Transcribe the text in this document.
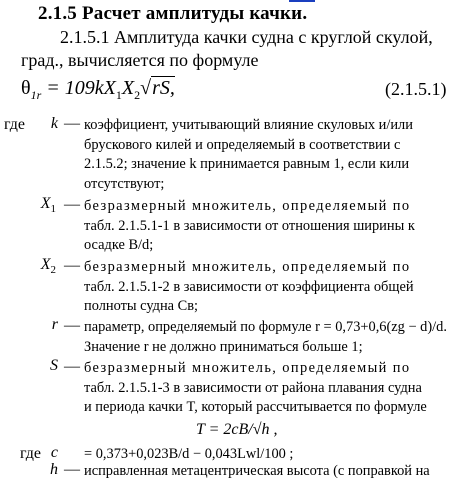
2.1.5 Расчет амплитуды качки.
2.1.5.1 Амплитуда качки судна с круглой скулой,
град., вычисляется по формуле
$\theta_{1r} = 109kX_1X_2√rS$,	(2.1.5.1)
где	k — коэффициент, учитывающий влияние скуловых и/или
брускового килей и определяемый в соответствии с
2.1.5.2; значение k принимается равным 1, если кили
отсутствуют;
$X_1$ — безразмерный множитель, определяемый по
табл. 2.1.5.1-1 в зависимости от отношения ширины к
осадке B/d;
$X_2$ — безразмерный множитель, определяемый по
табл. 2.1.5.1-2 в зависимости от коэффициента общей
полноты судна Cв;
r — параметр, определяемый по формуле r = 0,73+0,6(zg − d)/d.
Значение r не должно приниматься больше 1;
S — безразмерный множитель, определяемый по
табл. 2.1.5.1-3 в зависимости от района плавания судна
и периода качки T, который рассчитывается по формуле
T = 2cB/√h ,
где c = 0,373+0,023B/d − 0,043Lwl/100 ;
h — исправленная метацентрическая высота (с поправкой на
